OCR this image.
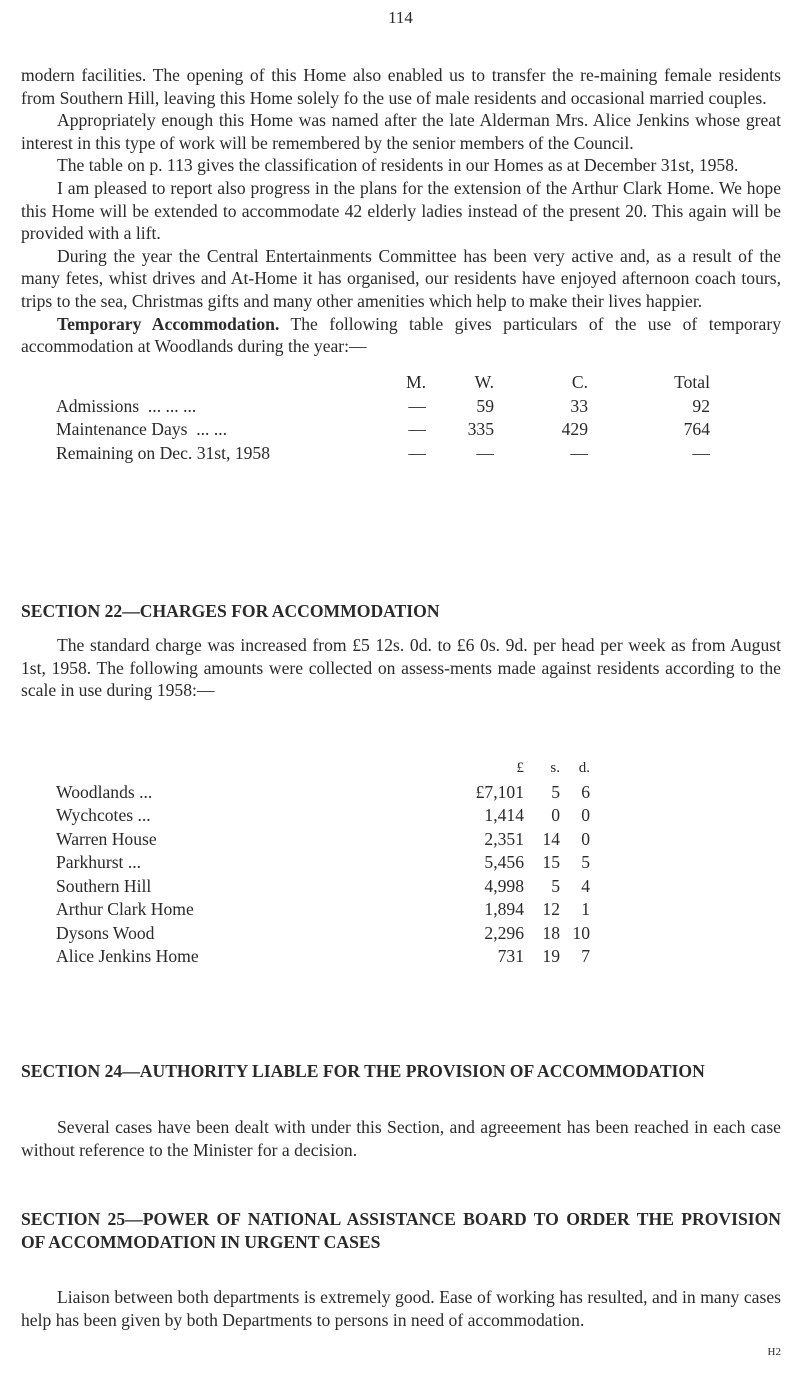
114

modern facilities. The opening of this Home also enabled us to transfer the re-maining female residents from Southern Hill, leaving this Home solely fo the use of male residents and occasional married couples.

Appropriately enough this Home was named after the late Alderman Mrs. Alice Jenkins whose great interest in this type of work will be remembered by the senior members of the Council.

The table on p. 113 gives the classification of residents in our Homes as at December 31st, 1958.

I am pleased to report also progress in the plans for the extension of the Arthur Clark Home. We hope this Home will be extended to accommodate 42 elderly ladies instead of the present 20. This again will be provided with a lift.

During the year the Central Entertainments Committee has been very active and, as a result of the many fetes, whist drives and At-Home it has organised, our residents have enjoyed afternoon coach tours, trips to the sea, Christmas gifts and many other amenities which help to make their lives happier.

Temporary Accommodation. The following table gives particulars of the use of temporary accommodation at Woodlands during the year:—

	M.	W.	C.	Total
Admissions ... ... ...	—	59	33	92
Maintenance Days ... ...	—	335	429	764
Remaining on Dec. 31st, 1958	—	—	—	—
SECTION 22—CHARGES FOR ACCOMMODATION

The standard charge was increased from £5 12s. 0d. to £6 0s. 9d. per head per week as from August 1st, 1958. The following amounts were collected on assess-ments made against residents according to the scale in use during 1958:—

	£	s.	d.
Woodlands ...	£7,101	5	6
Wychcotes ...	1,414	0	0
Warren House	2,351	14	0
Parkhurst ...	5,456	15	5
Southern Hill	4,998	5	4
Arthur Clark Home	1,894	12	1
Dysons Wood	2,296	18	10
Alice Jenkins Home	731	19	7
SECTION 24—AUTHORITY LIABLE FOR THE PROVISION OF ACCOMMODATION

Several cases have been dealt with under this Section, and agreeement has been reached in each case without reference to the Minister for a decision.

SECTION 25—POWER OF NATIONAL ASSISTANCE BOARD TO ORDER THE PROVISION OF ACCOMMODATION IN URGENT CASES

Liaison between both departments is extremely good. Ease of working has resulted, and in many cases help has been given by both Departments to persons in need of accommodation.

H2
